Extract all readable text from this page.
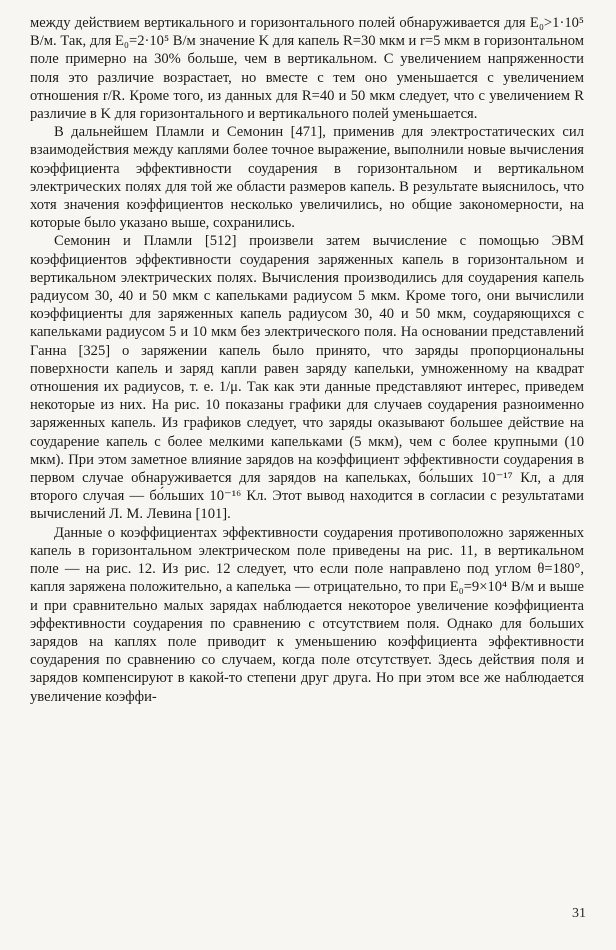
между действием вертикального и горизонтального полей обнаруживается для E₀>1·10⁵ В/м. Так, для E₀=2·10⁵ В/м значение K для капель R=30 мкм и r=5 мкм в горизонтальном поле примерно на 30% больше, чем в вертикальном. С увеличением напряженности поля это различие возрастает, но вместе с тем оно уменьшается с увеличением отношения r/R. Кроме того, из данных для R=40 и 50 мкм следует, что с увеличением R различие в K для горизонтального и вертикального полей уменьшается.

В дальнейшем Пламли и Семонин [471], применив для электростатических сил взаимодействия между каплями более точное выражение, выполнили новые вычисления коэффициента эффективности соударения в горизонтальном и вертикальном электрических полях для той же области размеров капель. В результате выяснилось, что хотя значения коэффициентов несколько увеличились, но общие закономерности, на которые было указано выше, сохранились.

Семонин и Пламли [512] произвели затем вычисление с помощью ЭВМ коэффициентов эффективности соударения заряженных капель в горизонтальном и вертикальном электрических полях. Вычисления производились для соударения капель радиусом 30, 40 и 50 мкм с капельками радиусом 5 мкм. Кроме того, они вычислили коэффициенты для заряженных капель радиусом 30, 40 и 50 мкм, соударяющихся с капельками радиусом 5 и 10 мкм без электрического поля. На основании представлений Ганна [325] о заряжении капель было принято, что заряды пропорциональны поверхности капель и заряд капли равен заряду капельки, умноженному на квадрат отношения их радиусов, т. е. 1/μ. Так как эти данные представляют интерес, приведем некоторые из них. На рис. 10 показаны графики для случаев соударения разноименно заряженных капель. Из графиков следует, что заряды оказывают большее действие на соударение капель с более мелкими капельками (5 мкм), чем с более крупными (10 мкм). При этом заметное влияние зарядов на коэффициент эффективности соударения в первом случае обнаруживается для зарядов на капельках, бо́льших 10⁻¹⁷ Кл, а для второго случая — бо́льших 10⁻¹⁶ Кл. Этот вывод находится в согласии с результатами вычислений Л. М. Левина [101].

Данные о коэффициентах эффективности соударения противоположно заряженных капель в горизонтальном электрическом поле приведены на рис. 11, в вертикальном поле — на рис. 12. Из рис. 12 следует, что если поле направлено под углом θ=180°, капля заряжена положительно, а капелька — отрицательно, то при E₀=9×10⁴ В/м и выше и при сравнительно малых зарядах наблюдается некоторое увеличение коэффициента эффективности соударения по сравнению с отсутствием поля. Однако для больших зарядов на каплях поле приводит к уменьшению коэффициента эффективности соударения по сравнению со случаем, когда поле отсутствует. Здесь действия поля и зарядов компенсируют в какой-то степени друг друга. Но при этом все же наблюдается увеличение коэффи-

31
